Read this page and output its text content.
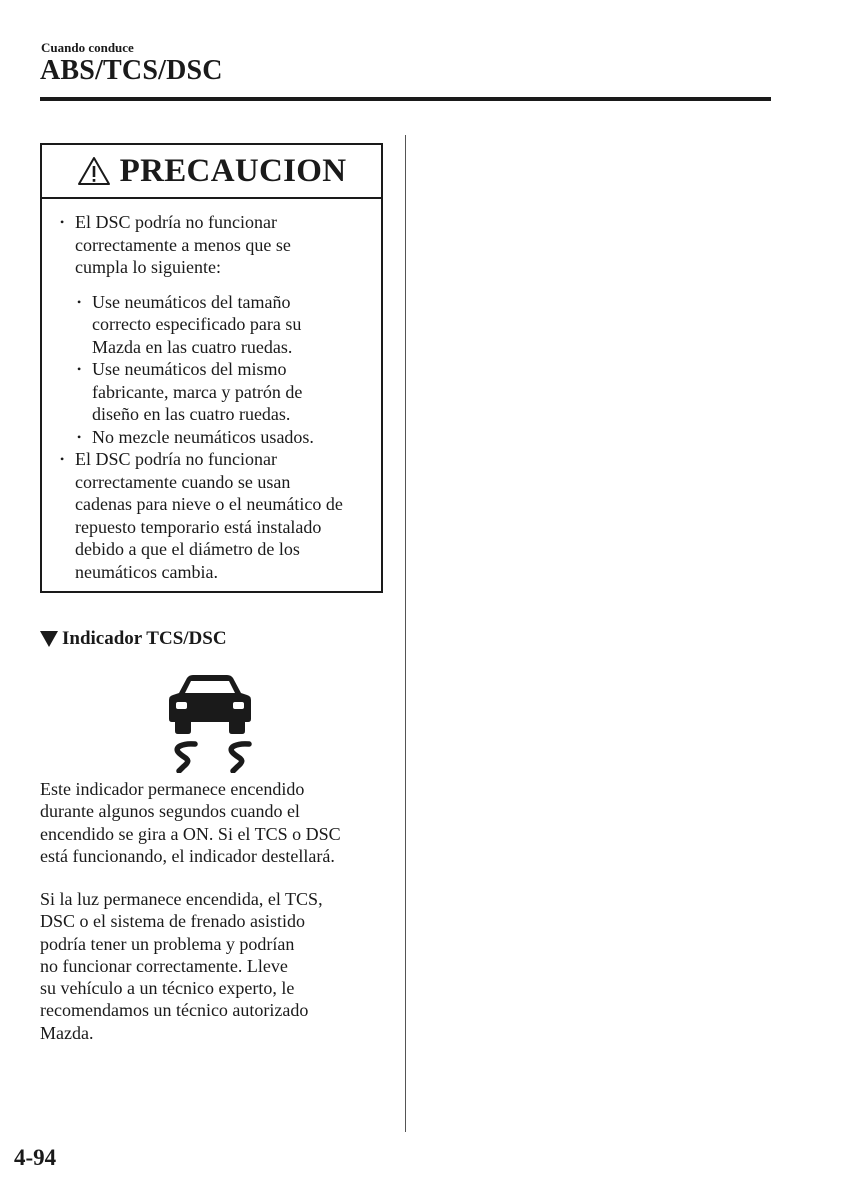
Cuando conduce
ABS/TCS/DSC
PRECAUCION
• El DSC podría no funcionar
correctamente a menos que se
cumpla lo siguiente:
• Use neumáticos del tamaño
correcto especificado para su
Mazda en las cuatro ruedas.
• Use neumáticos del mismo
fabricante, marca y patrón de
diseño en las cuatro ruedas.
• No mezcle neumáticos usados.
• El DSC podría no funcionar
correctamente cuando se usan
cadenas para nieve o el neumático de
repuesto temporario está instalado
debido a que el diámetro de los
neumáticos cambia.
Indicador TCS/DSC
Este indicador permanece encendido
durante algunos segundos cuando el
encendido se gira a ON. Si el TCS o DSC
está funcionando, el indicador destellará.
Si la luz permanece encendida, el TCS,
DSC o el sistema de frenado asistido
podría tener un problema y podrían
no funcionar correctamente. Lleve
su vehículo a un técnico experto, le
recomendamos un técnico autorizado
Mazda.
4-94
